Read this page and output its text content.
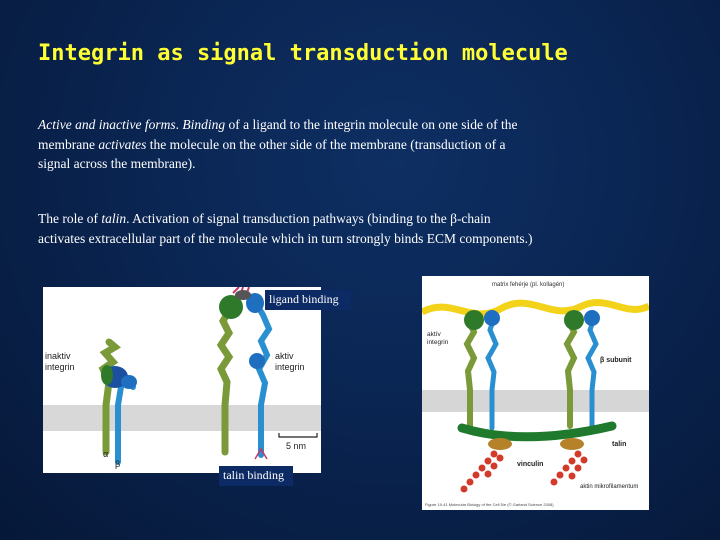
Integrin as signal transduction molecule
Active and inactive forms. Binding of a ligand to the integrin molecule on one side of the membrane activates the molecule on the other side of the membrane (transduction of a signal across the membrane).
The role of talin. Activation of signal transduction pathways (binding to the β-chain activates extracellular part of the molecule which in turn strongly binds ECM components.)
inaktiv
integrin
α
β
aktiv
integrin
5 nm
matrix fehérje (pl. kollagén)
aktív
integrin
β subunit
talin
vinculin
aktin mikrofilamentum
Figure 19-41 Molecular Biology of the Cell 5/e (© Garland Science 2008)
ligand binding
talin binding
